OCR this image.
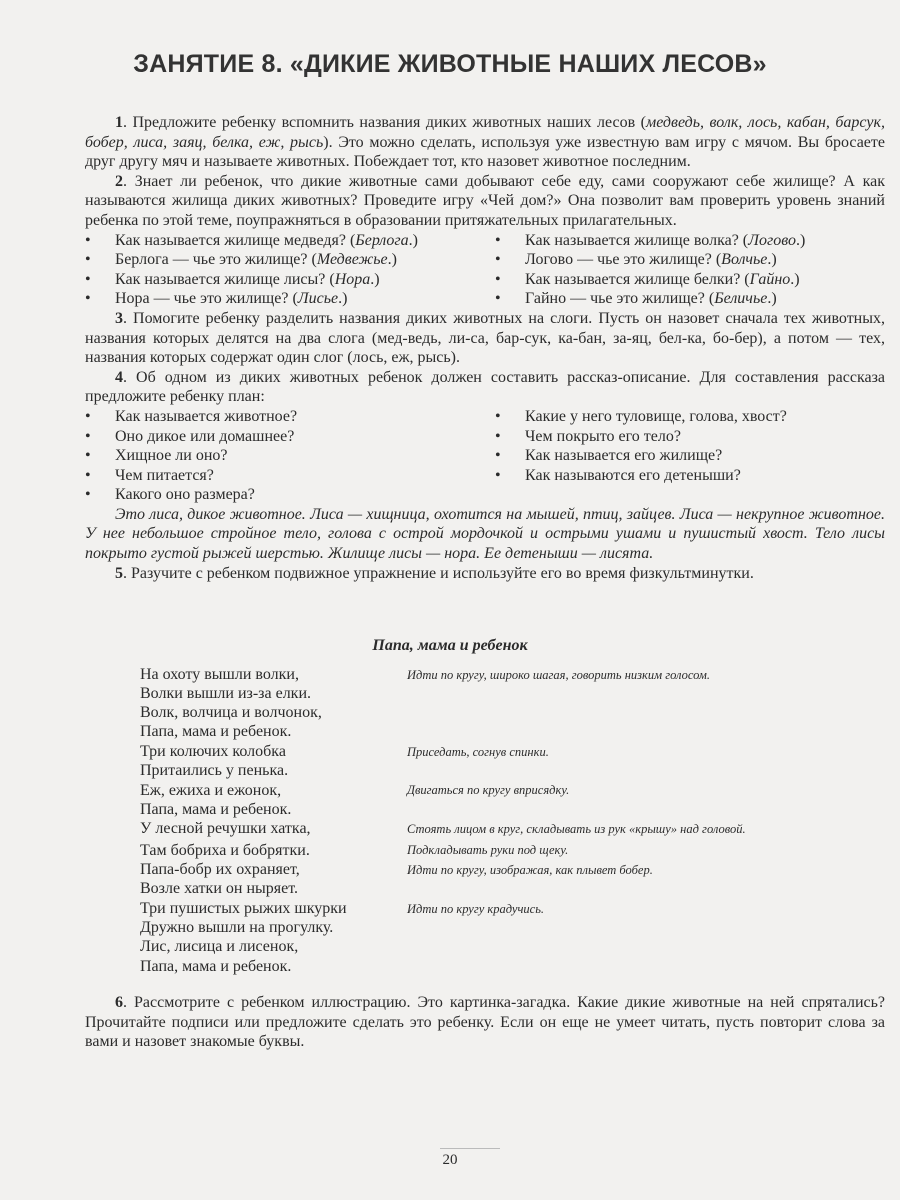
ЗАНЯТИЕ 8. «ДИКИЕ ЖИВОТНЫЕ НАШИХ ЛЕСОВ»

1. Предложите ребенку вспомнить названия диких животных наших лесов (медведь, волк, лось, кабан, барсук, бобер, лиса, заяц, белка, еж, рысь). Это можно сделать, используя уже известную вам игру с мячом. Вы бросаете друг другу мяч и называете животных. Побеждает тот, кто назовет животное последним.

2. Знает ли ребенок, что дикие животные сами добывают себе еду, сами сооружают себе жилище? А как называются жилища диких животных? Проведите игру «Чей дом?» Она позволит вам проверить уровень знаний ребенка по этой теме, поупражняться в образовании притяжательных прилагательных.

• Как называется жилище медведя? (Берлога.)
• Берлога — чье это жилище? (Медвежье.)
• Как называется жилище лисы? (Нора.)
• Нора — чье это жилище? (Лисье.)
• Как называется жилище волка? (Логово.)
• Логово — чье это жилище? (Волчье.)
• Как называется жилище белки? (Гайно.)
• Гайно — чье это жилище? (Беличье.)

3. Помогите ребенку разделить названия диких животных на слоги. Пусть он назовет сначала тех животных, названия которых делятся на два слога (мед-ведь, ли-са, бар-сук, ка-бан, за-яц, бел-ка, бо-бер), а потом — тех, названия которых содержат один слог (лось, еж, рысь).

4. Об одном из диких животных ребенок должен составить рассказ-описание. Для составления рассказа предложите ребенку план:

• Как называется животное?
• Оно дикое или домашнее?
• Хищное ли оно?
• Чем питается?
• Какого оно размера?
• Какие у него туловище, голова, хвост?
• Чем покрыто его тело?
• Как называется его жилище?
• Как называются его детеныши?

Это лиса, дикое животное. Лиса — хищница, охотится на мышей, птиц, зайцев. Лиса — некрупное животное. У нее небольшое стройное тело, голова с острой мордочкой и острыми ушами и пушистый хвост. Тело лисы покрыто густой рыжей шерстью. Жилище лисы — нора. Ее детеныши — лисята.

5. Разучите с ребенком подвижное упражнение и используйте его во время физкультминутки.

Папа, мама и ребенок
На охоту вышли волки,
Волки вышли из-за елки.
Волк, волчица и волчонок,
Папа, мама и ребенок.
Три колючих колобка
Притаились у пенька.
Еж, ежиха и ежонок,
Папа, мама и ребенок.
У лесной речушки хатка,
Там бобриха и бобрятки.
Папа-бобр их охраняет,
Возле хатки он ныряет.
Три пушистых рыжих шкурки
Дружно вышли на прогулку.
Лис, лисица и лисенок,
Папа, мама и ребенок.
Идти по кругу, широко шагая, говорить низким голосом.
Приседать, согнув спинки.
Двигаться по кругу вприсядку.
Стоять лицом в круг, складывать из рук «крышу» над головой.
Подкладывать руки под щеку.
Идти по кругу, изображая, как плывет бобер.
Идти по кругу крадучись.

6. Рассмотрите с ребенком иллюстрацию. Это картинка-загадка. Какие дикие животные на ней спрятались? Прочитайте подписи или предложите сделать это ребенку. Если он еще не умеет читать, пусть повторит слова за вами и назовет знакомые буквы.

20
